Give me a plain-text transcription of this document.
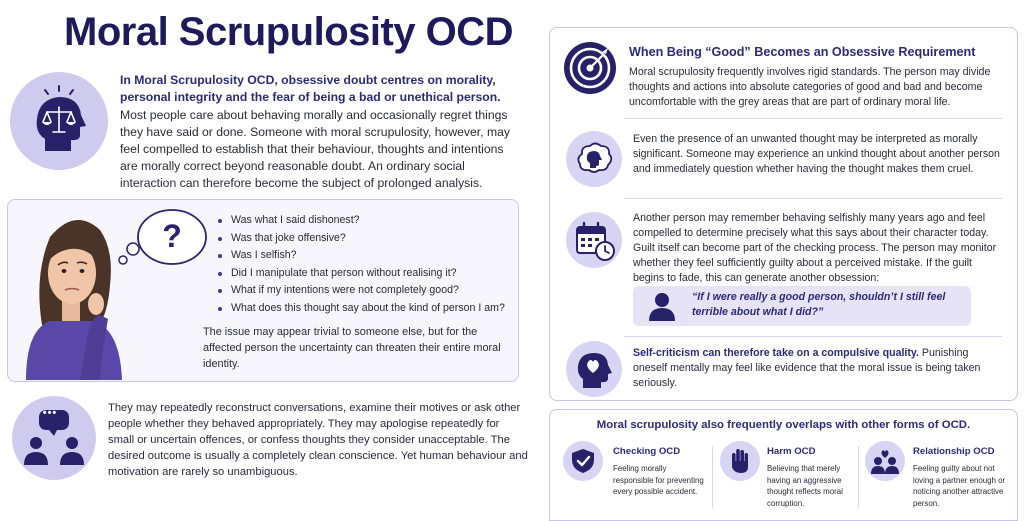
Moral Scrupulosity OCD
In Moral Scrupulosity OCD, obsessive doubt centres on morality, personal integrity and the fear of being a bad or unethical person.
Most people care about behaving morally and occasionally regret things they have said or done. Someone with moral scrupulosity, however, may feel compelled to establish that their behaviour, thoughts and intentions are morally correct beyond reasonable doubt. An ordinary social interaction can therefore become the subject of prolonged analysis.
?	Was what I said dishonest?
Was that joke offensive?
Was I selfish?
Did I manipulate that person without realising it?
What if my intentions were not completely good?
What does this thought say about the kind of person I am?
The issue may appear trivial to someone else, but for the affected person the uncertainty can threaten their entire moral identity.
•••	They may repeatedly reconstruct conversations, examine their motives or ask other people whether they behaved appropriately. They may apologise repeatedly for small or uncertain offences, or confess thoughts they consider unacceptable. The desired outcome is usually a completely clean conscience. Yet human behaviour and motivation are rarely so unambiguous.
When Being “Good” Becomes an Obsessive Requirement
Moral scrupulosity frequently involves rigid standards. The person may divide thoughts and actions into absolute categories of good and bad and become uncomfortable with the grey areas that are part of ordinary moral life.
Even the presence of an unwanted thought may be interpreted as morally significant. Someone may experience an unkind thought about another person and immediately question whether having the thought makes them cruel.
Another person may remember behaving selfishly many years ago and feel compelled to determine precisely what this says about their character today. Guilt itself can become part of the checking process. The person may monitor whether they feel sufficiently guilty about a perceived mistake. If the guilt begins to fade, this can generate another obsession:
“If I were really a good person, shouldn’t I still feel terrible about what I did?”
Self-criticism can therefore take on a compulsive quality. Punishing oneself mentally may feel like evidence that the moral issue is being taken seriously.
Moral scrupulosity also frequently overlaps with other forms of OCD.
Checking OCD
Feeling morally responsible for preventing every possible accident.
Harm OCD
Believing that merely having an aggressive thought reflects moral corruption.
Relationship OCD
Feeling guilty about not loving a partner enough or noticing another attractive person.
